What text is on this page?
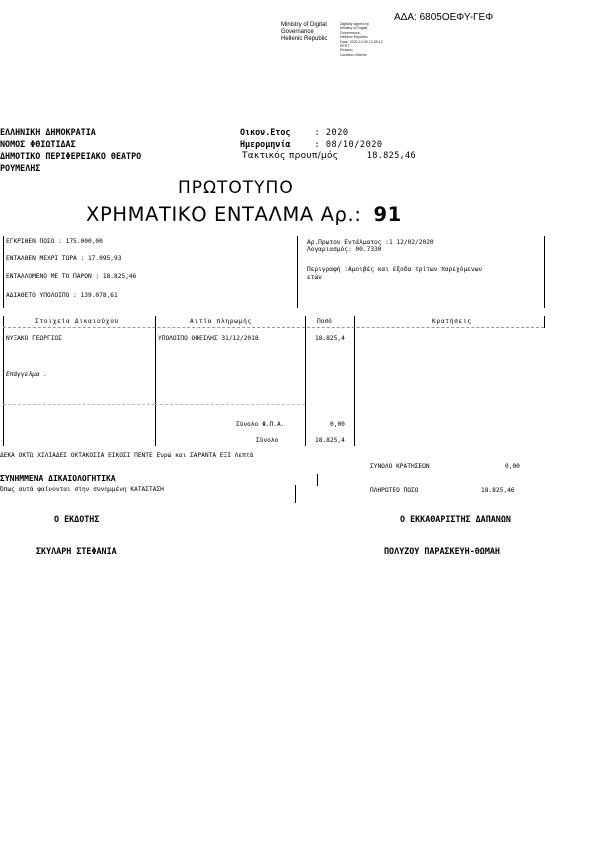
ΑΔΑ: 6805ΟΕΦΥ-ΓΕΦ
Ministry of Digital
Governance
Hellenic Republic
Digitally signed by
Ministry of Digital
Governance,
Hellenic Republic
Date: 2020.10.08 13:38:12
EEST
Reason:
Location: Athens
ΕΛΛΗΝΙΚΗ ΔΗΜΟΚΡΑΤΙΑ
ΝΟΜΟΣ ΦΘΙΩΤΙΔΑΣ
ΔΗΜΟΤΙΚΟ ΠΕΡΙΦΕΡΕΙΑΚΟ ΘΕΑΤΡΟ
ΡΟΥΜΕΛΗΣ
Οικον.Ετος	: 2020
Ημερομηνία	: 08/10/2020
Τακτικός προυπ/μός	18.825,46
ΠΡΩΤΟΤΥΠΟ
ΧΡΗΜΑΤΙΚΟ ΕΝΤΑΛΜΑ Αρ.: 91
ΕΓΚΡΙΘΕΝ ΠΟΣΟ : 175.000,00
ΕΝΤΑΛΘΕΝ ΜΕΧΡΙ ΤΩΡΑ : 17.095,93
ΕΝΤΑΛΛΟΜΕΝΟ ΜΕ ΤΟ ΠΑΡΟΝ : 18.825,46
ΑΔΙΑΘΕΤΟ ΥΠΟΛΟΙΠΟ : 139.078,61
Αρ.Πρωτου Εντάλματος :1 12/02/2020
Λογαριασμός: 00.7330
Περιγραφή :Αμοιβές και έξοδα τρίτων παρεχόμενων
ετών
Στοιχεία Δικαιούχου	Αιτία πληρωμής	Ποσό	Κρατήσεις
ΝΥΞΑΚΟ ΓΕΩΡΓΙΟΣ	ΥΠΟΛΟΙΠΟ ΟΦΕΙΛΗΣ 31/12/2018	18.825,4
Επάγγελμα .
Σύνολο Φ.Π.Α.	0,00
Σύνολο	18.825,4
ΔΕΚΑ ΟΚΤΩ ΧΙΛΙΑΔΕΣ ΟΚΤΑΚΟΣΙΑ ΕΙΚΟΣΙ ΠΕΝΤΕ Ευρώ και ΣΑΡΑΝΤΑ ΕΞΙ Λεπτά
ΣΥΝΟΛΟ ΚΡΑΤΗΣΕΩΝ	0,00
ΣΥΝΗΜΜΕΝΑ ΔΙΚΑΙΟΛΟΓΗΤΙΚΑ
Όπως αυτά φαίνονται στην συνημμένη ΚΑΤΑΣΤΑΣΗ	ΠΛΗΡΩΤΕΟ ΠΟΣΟ	18.825,46
Ο ΕΚΔΟΤΗΣ	Ο ΕΚΚΑΘΑΡΙΣΤΗΣ ΔΑΠΑΝΩΝ
ΣΚΥΛΑΡΗ ΣΤΕΦΑΝΙΑ	ΠΟΛΥΖΟΥ ΠΑΡΑΣΚΕΥΗ-ΘΩΜΑΗ
